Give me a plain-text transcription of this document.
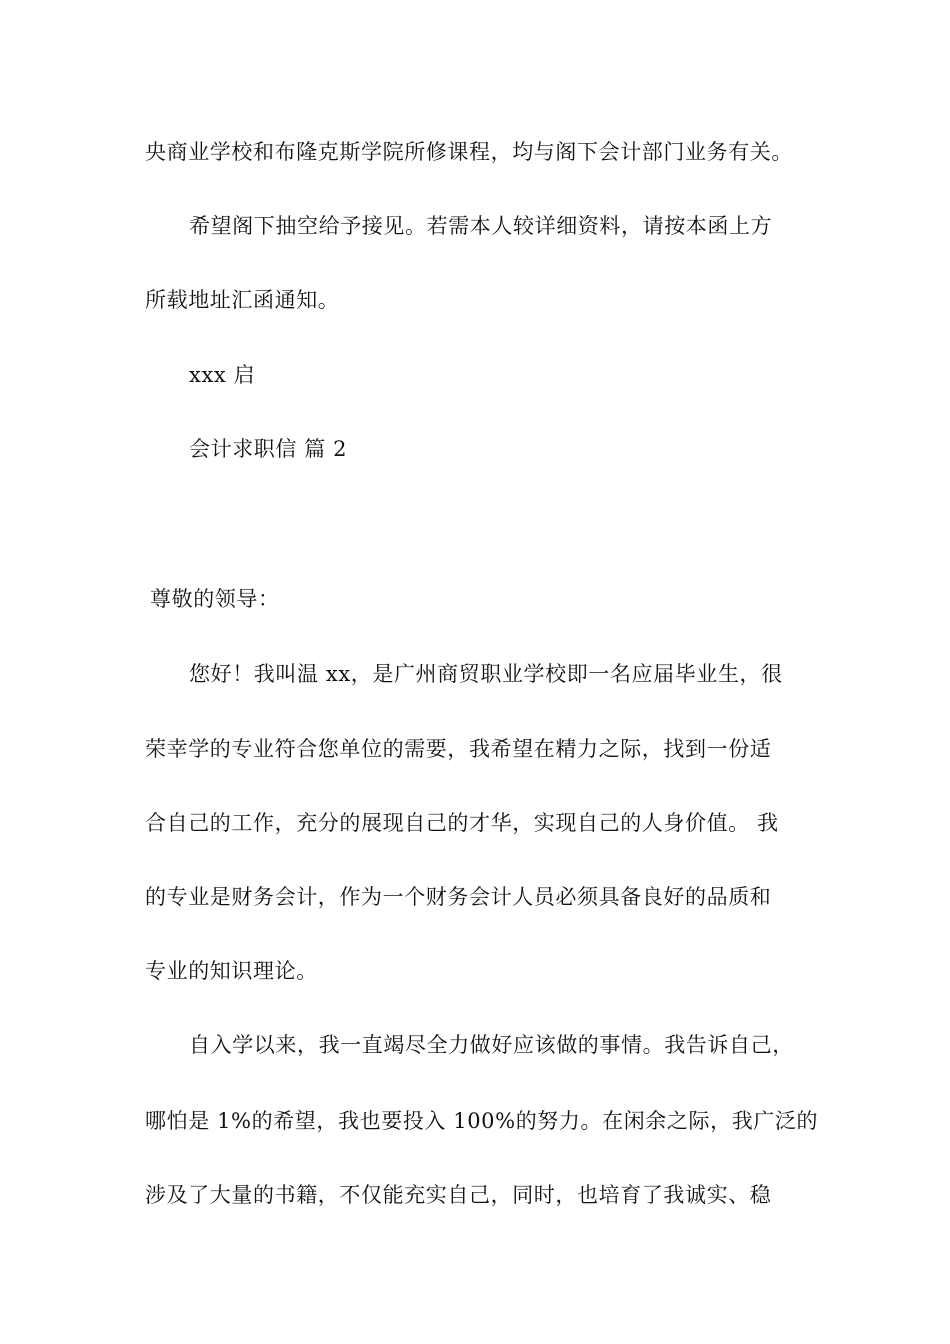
央商业学校和布隆克斯学院所修课程，均与阁下会计部门业务有关。
希望阁下抽空给予接见。若需本人较详细资料，请按本函上方
所载地址汇函通知。
xxx 启
会计求职信 篇 2
尊敬的领导：
您好！我叫温 xx，是广州商贸职业学校即一名应届毕业生，很
荣幸学的专业符合您单位的需要，我希望在精力之际，找到一份适
合自己的工作，充分的展现自己的才华，实现自己的人身价值。 我
的专业是财务会计，作为一个财务会计人员必须具备良好的品质和
专业的知识理论。
自入学以来，我一直竭尽全力做好应该做的事情。我告诉自己，
哪怕是 1%的希望，我也要投入 100%的努力。在闲余之际，我广泛的
涉及了大量的书籍，不仅能充实自己，同时，也培育了我诚实、稳
